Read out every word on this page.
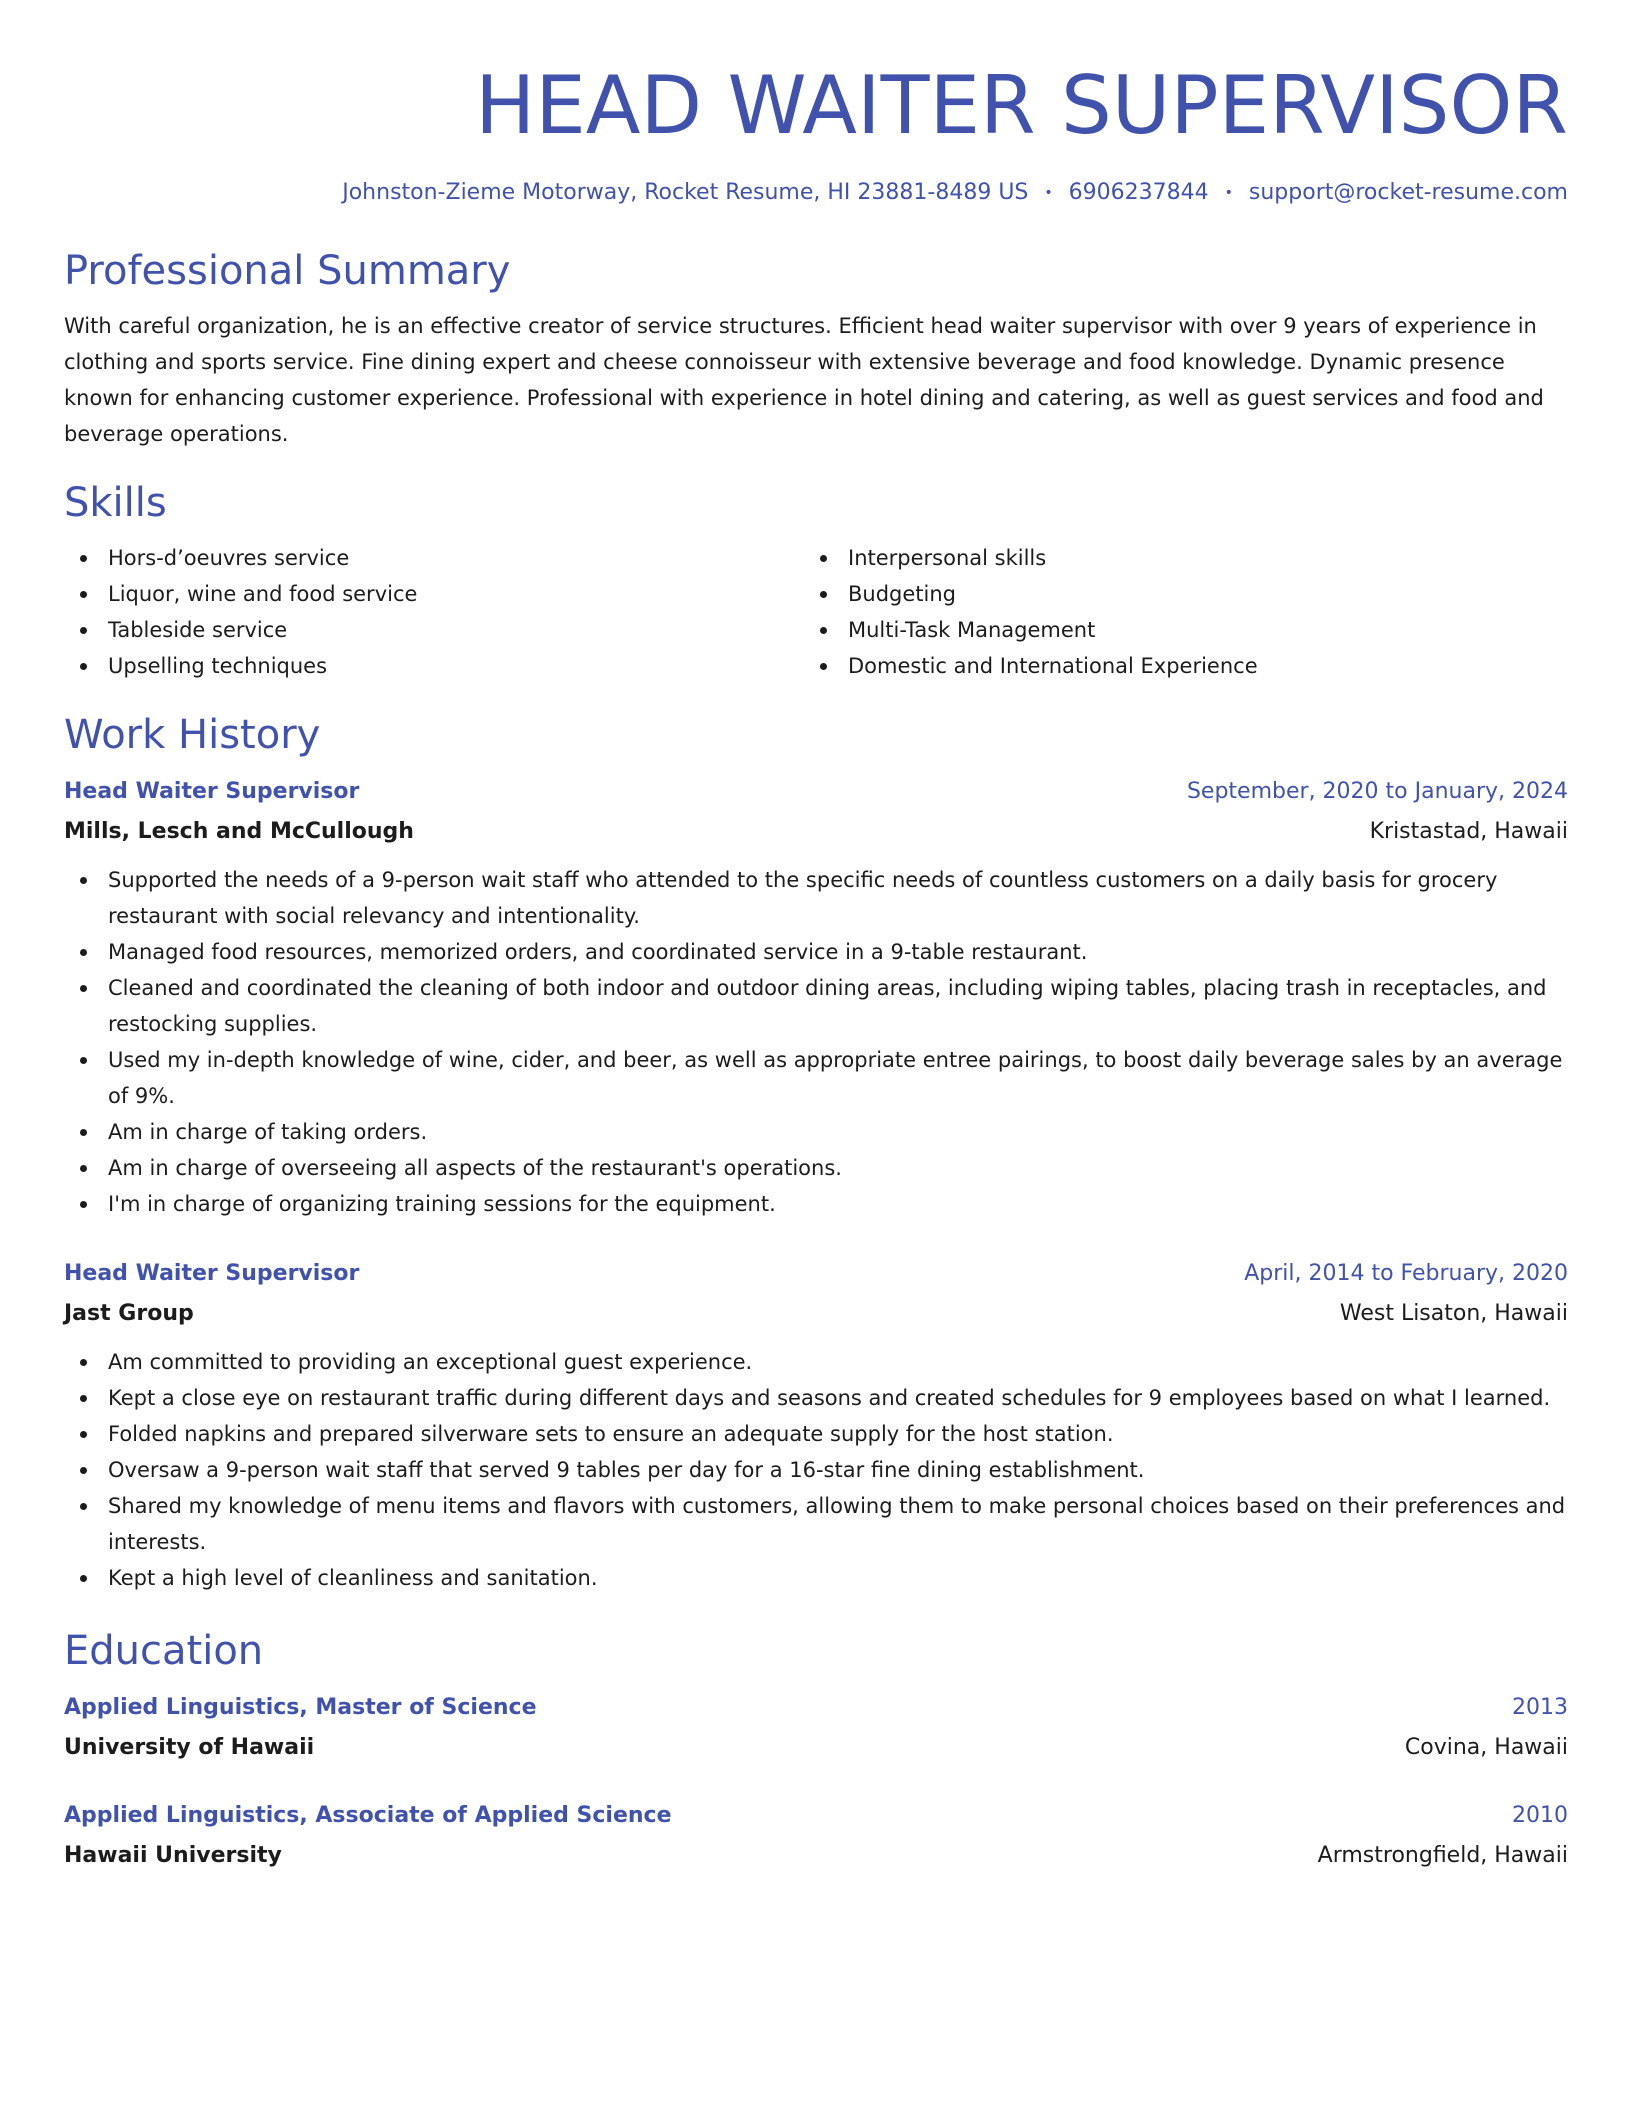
HEAD WAITER SUPERVISOR
Johnston-Zieme Motorway, Rocket Resume, HI 23881-8489 US • 6906237844 • support@rocket-resume.com
Professional Summary
With careful organization, he is an effective creator of service structures. Efficient head waiter supervisor with over 9 years of experience in clothing and sports service. Fine dining expert and cheese connoisseur with extensive beverage and food knowledge. Dynamic presence known for enhancing customer experience. Professional with experience in hotel dining and catering, as well as guest services and food and beverage operations.
Skills
Hors-d’oeuvres service
Liquor, wine and food service
Tableside service
Upselling techniques
Interpersonal skills
Budgeting
Multi-Task Management
Domestic and International Experience
Work History
Head Waiter Supervisor	September, 2020 to January, 2024
Mills, Lesch and McCullough	Kristastad, Hawaii
Supported the needs of a 9-person wait staff who attended to the specific needs of countless customers on a daily basis for grocery restaurant with social relevancy and intentionality.
Managed food resources, memorized orders, and coordinated service in a 9-table restaurant.
Cleaned and coordinated the cleaning of both indoor and outdoor dining areas, including wiping tables, placing trash in receptacles, and restocking supplies.
Used my in-depth knowledge of wine, cider, and beer, as well as appropriate entree pairings, to boost daily beverage sales by an average of 9%.
Am in charge of taking orders.
Am in charge of overseeing all aspects of the restaurant's operations.
I'm in charge of organizing training sessions for the equipment.
Head Waiter Supervisor	April, 2014 to February, 2020
Jast Group	West Lisaton, Hawaii
Am committed to providing an exceptional guest experience.
Kept a close eye on restaurant traffic during different days and seasons and created schedules for 9 employees based on what I learned.
Folded napkins and prepared silverware sets to ensure an adequate supply for the host station.
Oversaw a 9-person wait staff that served 9 tables per day for a 16-star fine dining establishment.
Shared my knowledge of menu items and flavors with customers, allowing them to make personal choices based on their preferences and interests.
Kept a high level of cleanliness and sanitation.
Education
Applied Linguistics, Master of Science	2013
University of Hawaii	Covina, Hawaii
Applied Linguistics, Associate of Applied Science	2010
Hawaii University	Armstrongfield, Hawaii
